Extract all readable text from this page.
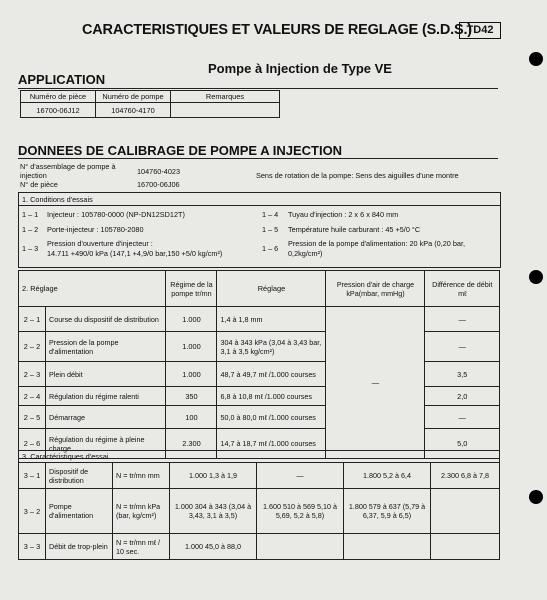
CARACTERISTIQUES ET VALEURS DE REGLAGE (S.D.S.)
TD42
Pompe à Injection de Type VE
APPLICATION
Numéro de pièce	Numéro de pompe	Remarques
16700-06J12	104760-4170	
DONNEES DE CALIBRAGE DE POMPE A INJECTION
N° d'assemblage de pompe à injection	104760-4023
N° de pièce	16700-06J06
Sens de rotation de la pompe: Sens des aiguilles d'une montre
1. Conditions d'essais
1 – 1 Injecteur : 105780-0000 (NP-DN12SD12T)
1 – 2 Porte-injecteur : 105780-2080
1 – 3
Pression d'ouverture d'injecteur :
14.711 +490/0 kPa (147,1 +4,9/0 bar,150 +5/0 kg/cm²)
1 – 4 Tuyau d'injection : 2 x 6 x 840 mm
1 – 5 Température huile carburant : 45 +5/0 °C
1 – 6
Pression de la pompe d'alimentation: 20 kPa (0,20 bar,
0,2kg/cm²)
2. Réglage		Régime de la pompe tr/mn	Réglage	Pression d'air de charge kPa(mbar, mmHg)	Différence de débit mℓ
2 – 1	Course du dispositif de distribution	1.000	1,4 à 1,8 mm	—	—
2 – 2	Pression de la pompe d'alimentation	1.000	304 à 343 kPa (3,04 à 3,43 bar, 3,1 à 3,5 kg/cm²)		—
2 – 3	Plein débit	1.000	48,7 à 49,7 mℓ /1.000 courses		3,5
2 – 4	Régulation du régime ralenti	350	6,8 à 10,8 mℓ /1.000 courses		2,0
2 – 5	Démarrage	100	50,0 à 80,0 mℓ /1.000 courses		—
2 – 6	Régulation du régime à pleine charge	2.300	14,7 à 18,7 mℓ /1.000 courses		5,0
3. Caractéristiques d'essai						
3 – 1	Dispositif de distribution	N = tr/mn mm	1.000 1,3 à 1,9	—	1.800 5,2 à 6,4	2.300 6,8 à 7,8
3 – 2	Pompe d'alimentation	N = tr/mn kPa (bar, kg/cm²)	1.000 304 à 343 (3,04 à 3,43, 3,1 à 3,5)	1.600 510 à 569 5,10 à 5,69, 5,2 à 5,8)	1.800 579 à 637 (5,79 à 6,37, 5,9 à 6,5)	
3 – 3	Débit de trop-plein	N = tr/mn mℓ / 10 sec.	1.000 45,0 à 88,0			
